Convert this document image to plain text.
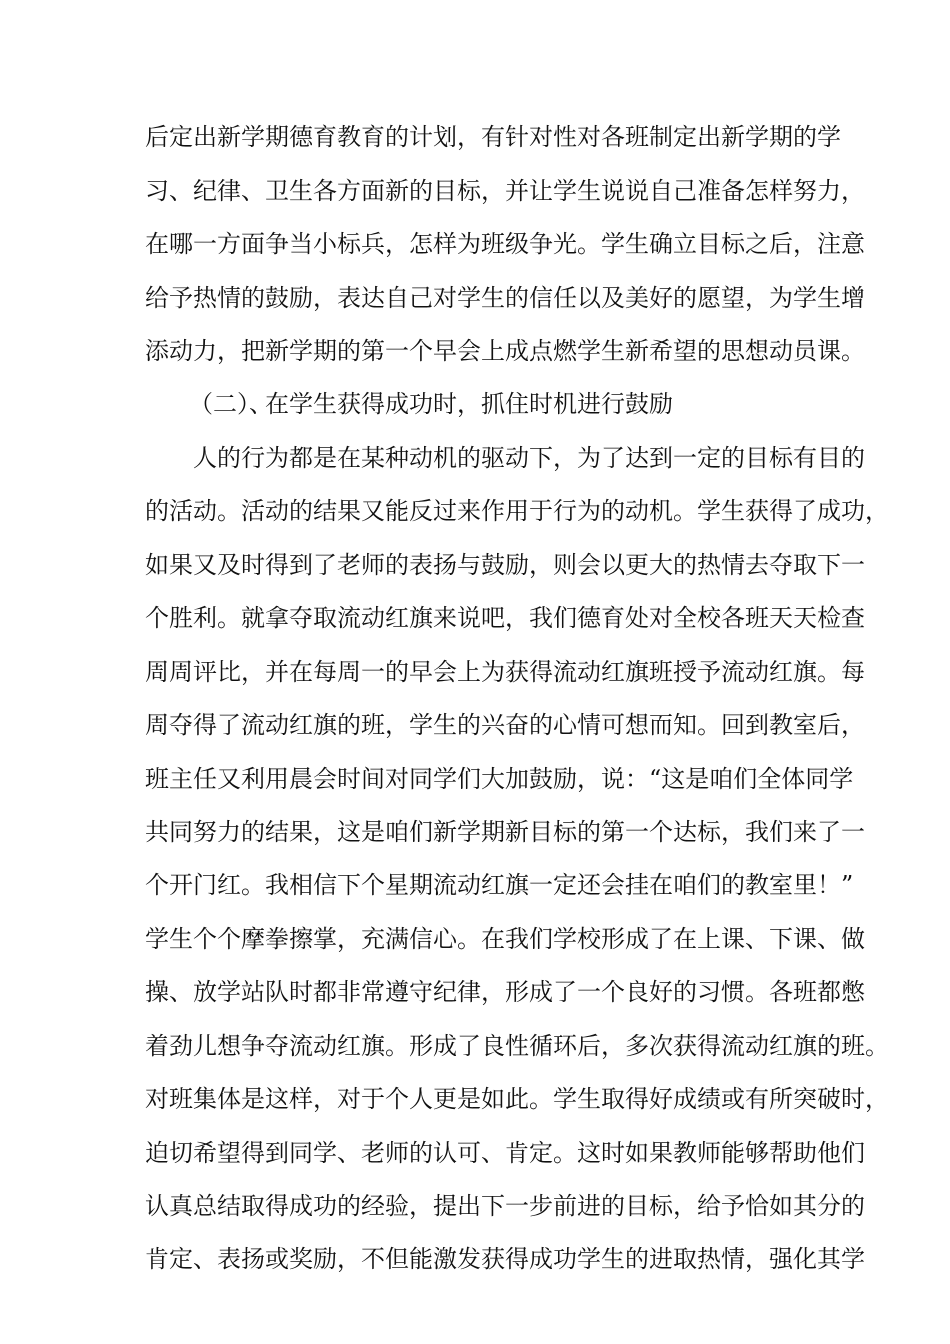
后定出新学期德育教育的计划，有针对性对各班制定出新学期的学
习、纪律、卫生各方面新的目标，并让学生说说自己准备怎样努力，
在哪一方面争当小标兵，怎样为班级争光。学生确立目标之后，注意
给予热情的鼓励，表达自己对学生的信任以及美好的愿望，为学生增
添动力，把新学期的第一个早会上成点燃学生新希望的思想动员课。
（二）、在学生获得成功时，抓住时机进行鼓励
人的行为都是在某种动机的驱动下，为了达到一定的目标有目的
的活动。活动的结果又能反过来作用于行为的动机。学生获得了成功，
如果又及时得到了老师的表扬与鼓励，则会以更大的热情去夺取下一
个胜利。就拿夺取流动红旗来说吧，我们德育处对全校各班天天检查
周周评比，并在每周一的早会上为获得流动红旗班授予流动红旗。每
周夺得了流动红旗的班，学生的兴奋的心情可想而知。回到教室后，
班主任又利用晨会时间对同学们大加鼓励，说：“这是咱们全体同学
共同努力的结果，这是咱们新学期新目标的第一个达标，我们来了一
个开门红。我相信下个星期流动红旗一定还会挂在咱们的教室里！”
学生个个摩拳擦掌，充满信心。在我们学校形成了在上课、下课、做
操、放学站队时都非常遵守纪律，形成了一个良好的习惯。各班都憋
着劲儿想争夺流动红旗。形成了良性循环后，多次获得流动红旗的班。
对班集体是这样，对于个人更是如此。学生取得好成绩或有所突破时，
迫切希望得到同学、老师的认可、肯定。这时如果教师能够帮助他们
认真总结取得成功的经验，提出下一步前进的目标，给予恰如其分的
肯定、表扬或奖励，不但能激发获得成功学生的进取热情，强化其学
